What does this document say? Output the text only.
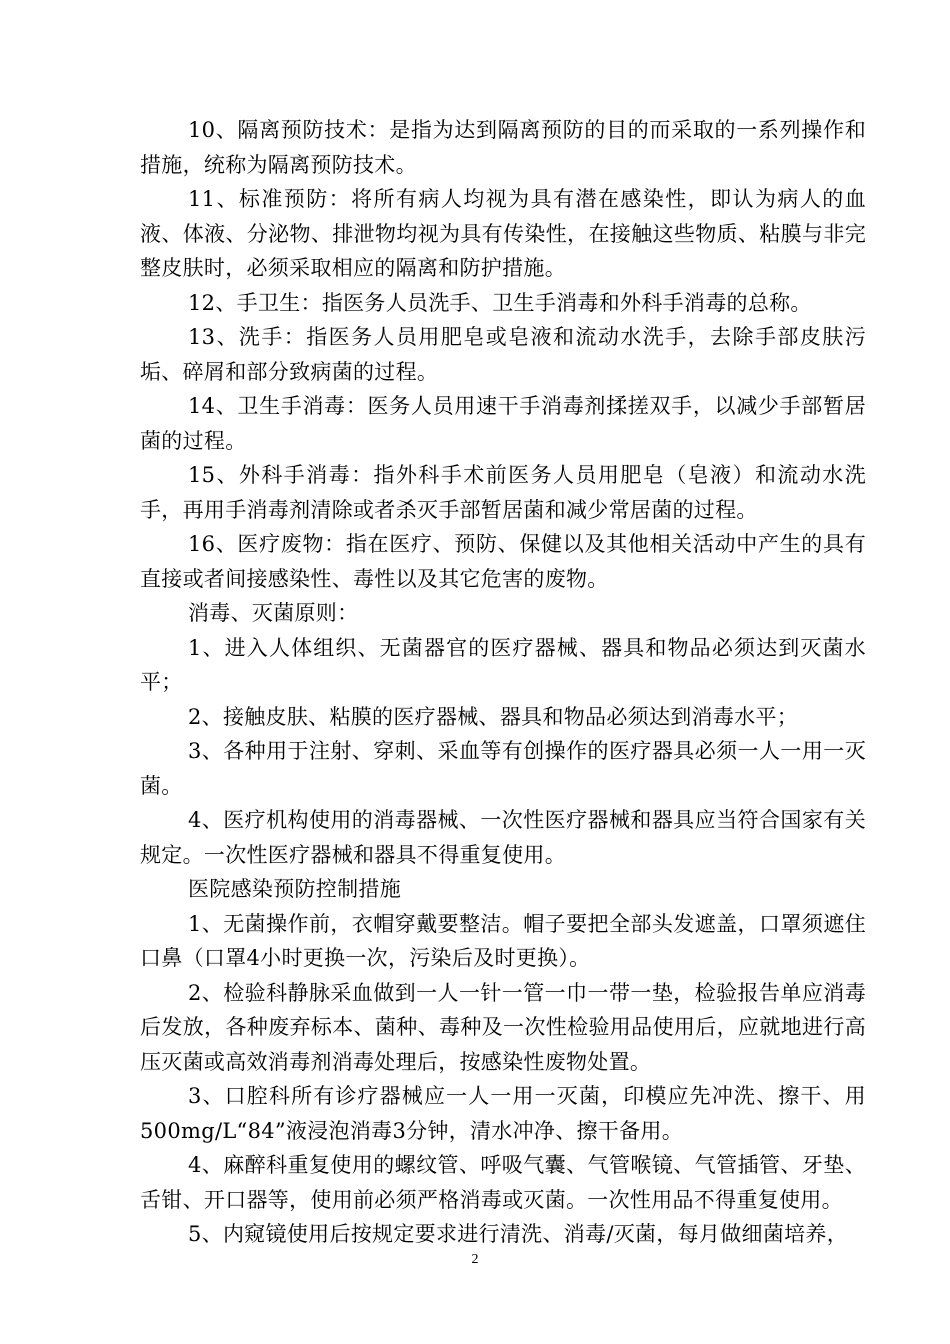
10、隔离预防技术：是指为达到隔离预防的目的而采取的一系列操作和措施，统称为隔离预防技术。

11、标准预防：将所有病人均视为具有潜在感染性，即认为病人的血液、体液、分泌物、排泄物均视为具有传染性，在接触这些物质、粘膜与非完整皮肤时，必须采取相应的隔离和防护措施。

12、手卫生：指医务人员洗手、卫生手消毒和外科手消毒的总称。

13、洗手：指医务人员用肥皂或皂液和流动水洗手，去除手部皮肤污垢、碎屑和部分致病菌的过程。

14、卫生手消毒：医务人员用速干手消毒剂揉搓双手，以减少手部暂居菌的过程。

15、外科手消毒：指外科手术前医务人员用肥皂（皂液）和流动水洗手，再用手消毒剂清除或者杀灭手部暂居菌和减少常居菌的过程。

16、医疗废物：指在医疗、预防、保健以及其他相关活动中产生的具有直接或者间接感染性、毒性以及其它危害的废物。

消毒、灭菌原则：

1、进入人体组织、无菌器官的医疗器械、器具和物品必须达到灭菌水平；

2、接触皮肤、粘膜的医疗器械、器具和物品必须达到消毒水平；

3、各种用于注射、穿刺、采血等有创操作的医疗器具必须一人一用一灭菌。

4、医疗机构使用的消毒器械、一次性医疗器械和器具应当符合国家有关规定。一次性医疗器械和器具不得重复使用。

医院感染预防控制措施

1、无菌操作前，衣帽穿戴要整洁。帽子要把全部头发遮盖，口罩须遮住口鼻（口罩4小时更换一次，污染后及时更换）。

2、检验科静脉采血做到一人一针一管一巾一带一垫，检验报告单应消毒后发放，各种废弃标本、菌种、毒种及一次性检验用品使用后，应就地进行高压灭菌或高效消毒剂消毒处理后，按感染性废物处置。

3、口腔科所有诊疗器械应一人一用一灭菌，印模应先冲洗、擦干、用500mg/L“84”液浸泡消毒3分钟，清水冲净、擦干备用。

4、麻醉科重复使用的螺纹管、呼吸气囊、气管喉镜、气管插管、牙垫、舌钳、开口器等，使用前必须严格消毒或灭菌。一次性用品不得重复使用。

5、内窥镜使用后按规定要求进行清洗、消毒/灭菌，每月做细菌培养，

2
